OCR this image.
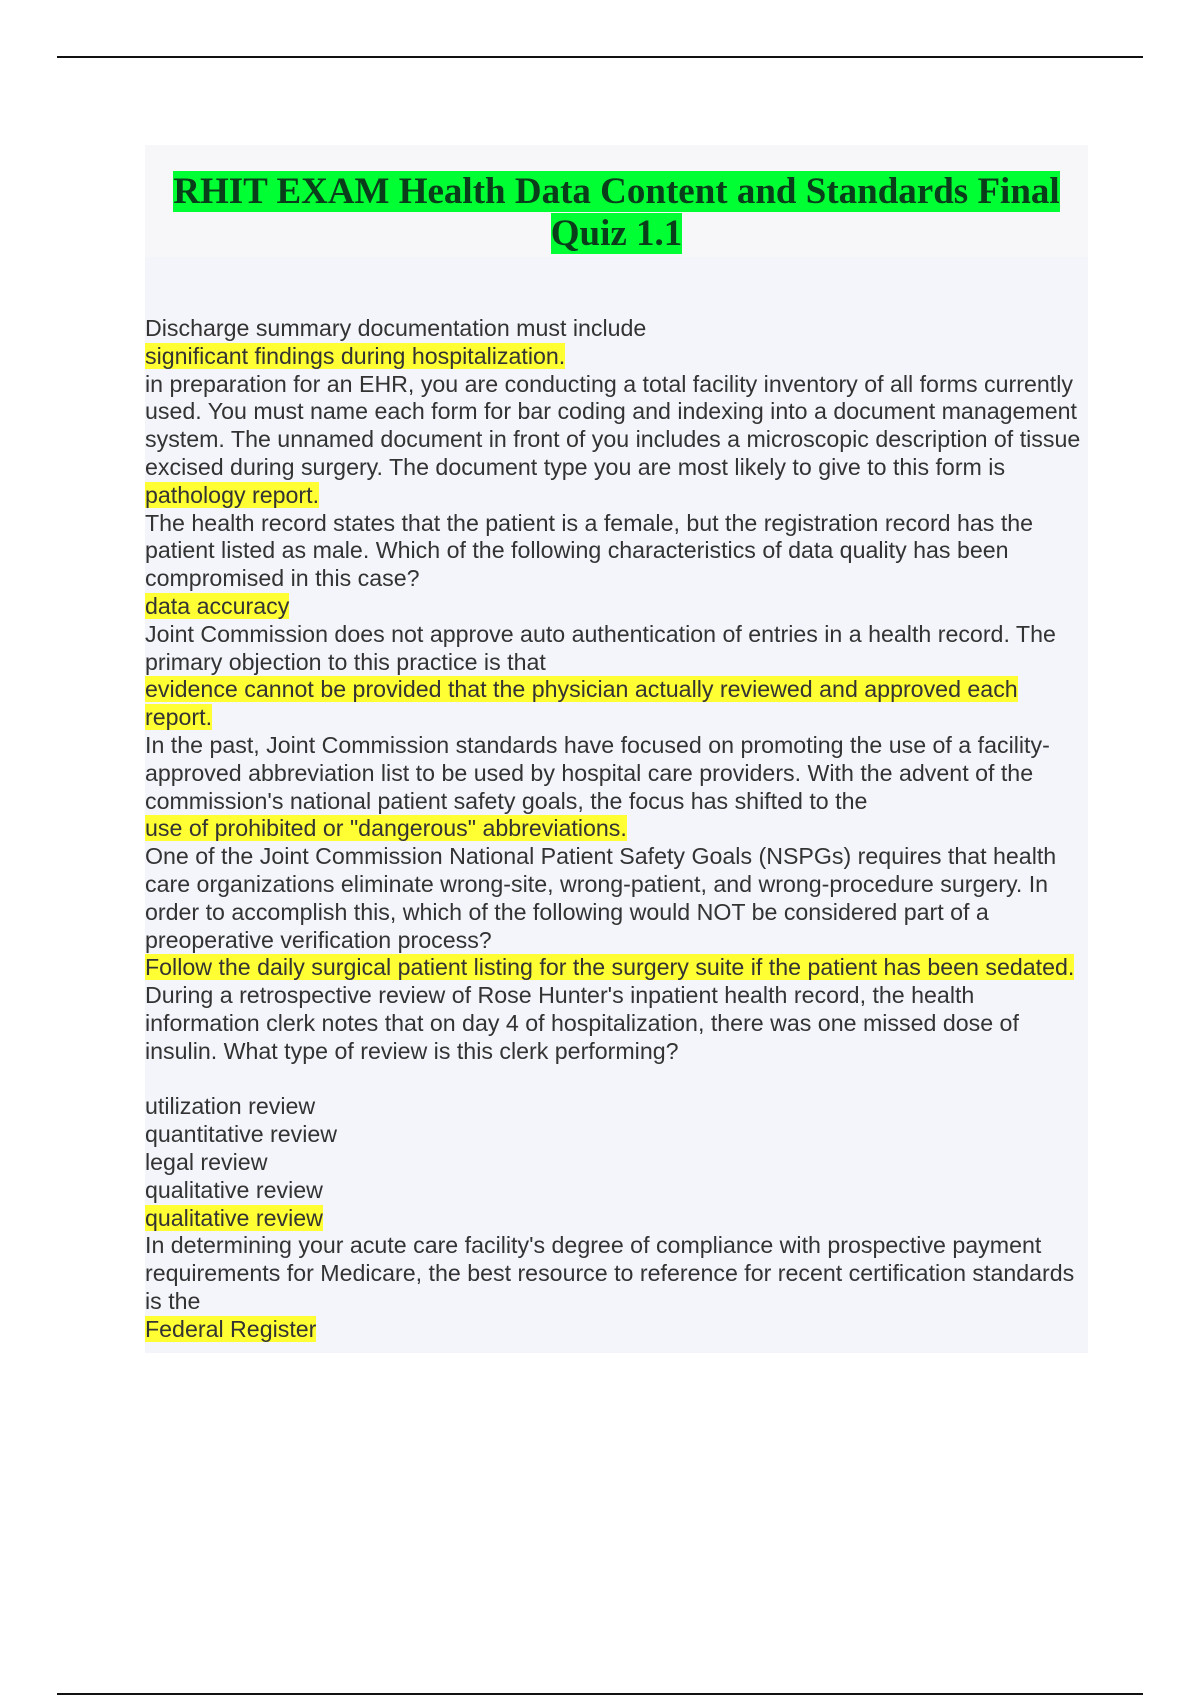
RHIT EXAM Health Data Content and Standards Final Quiz 1.1
Discharge summary documentation must include
significant findings during hospitalization.
in preparation for an EHR, you are conducting a total facility inventory of all forms currently used. You must name each form for bar coding and indexing into a document management system. The unnamed document in front of you includes a microscopic description of tissue excised during surgery. The document type you are most likely to give to this form is
pathology report.
The health record states that the patient is a female, but the registration record has the patient listed as male. Which of the following characteristics of data quality has been compromised in this case?
data accuracy
Joint Commission does not approve auto authentication of entries in a health record. The primary objection to this practice is that
evidence cannot be provided that the physician actually reviewed and approved each report.
In the past, Joint Commission standards have focused on promoting the use of a facility-approved abbreviation list to be used by hospital care providers. With the advent of the commission's national patient safety goals, the focus has shifted to the
use of prohibited or "dangerous" abbreviations.
One of the Joint Commission National Patient Safety Goals (NSPGs) requires that health care organizations eliminate wrong-site, wrong-patient, and wrong-procedure surgery. In order to accomplish this, which of the following would NOT be considered part of a preoperative verification process?
Follow the daily surgical patient listing for the surgery suite if the patient has been sedated.
During a retrospective review of Rose Hunter's inpatient health record, the health information clerk notes that on day 4 of hospitalization, there was one missed dose of insulin. What type of review is this clerk performing?
utilization review
quantitative review
legal review
qualitative review
qualitative review
In determining your acute care facility's degree of compliance with prospective payment requirements for Medicare, the best resource to reference for recent certification standards is the
Federal Register
